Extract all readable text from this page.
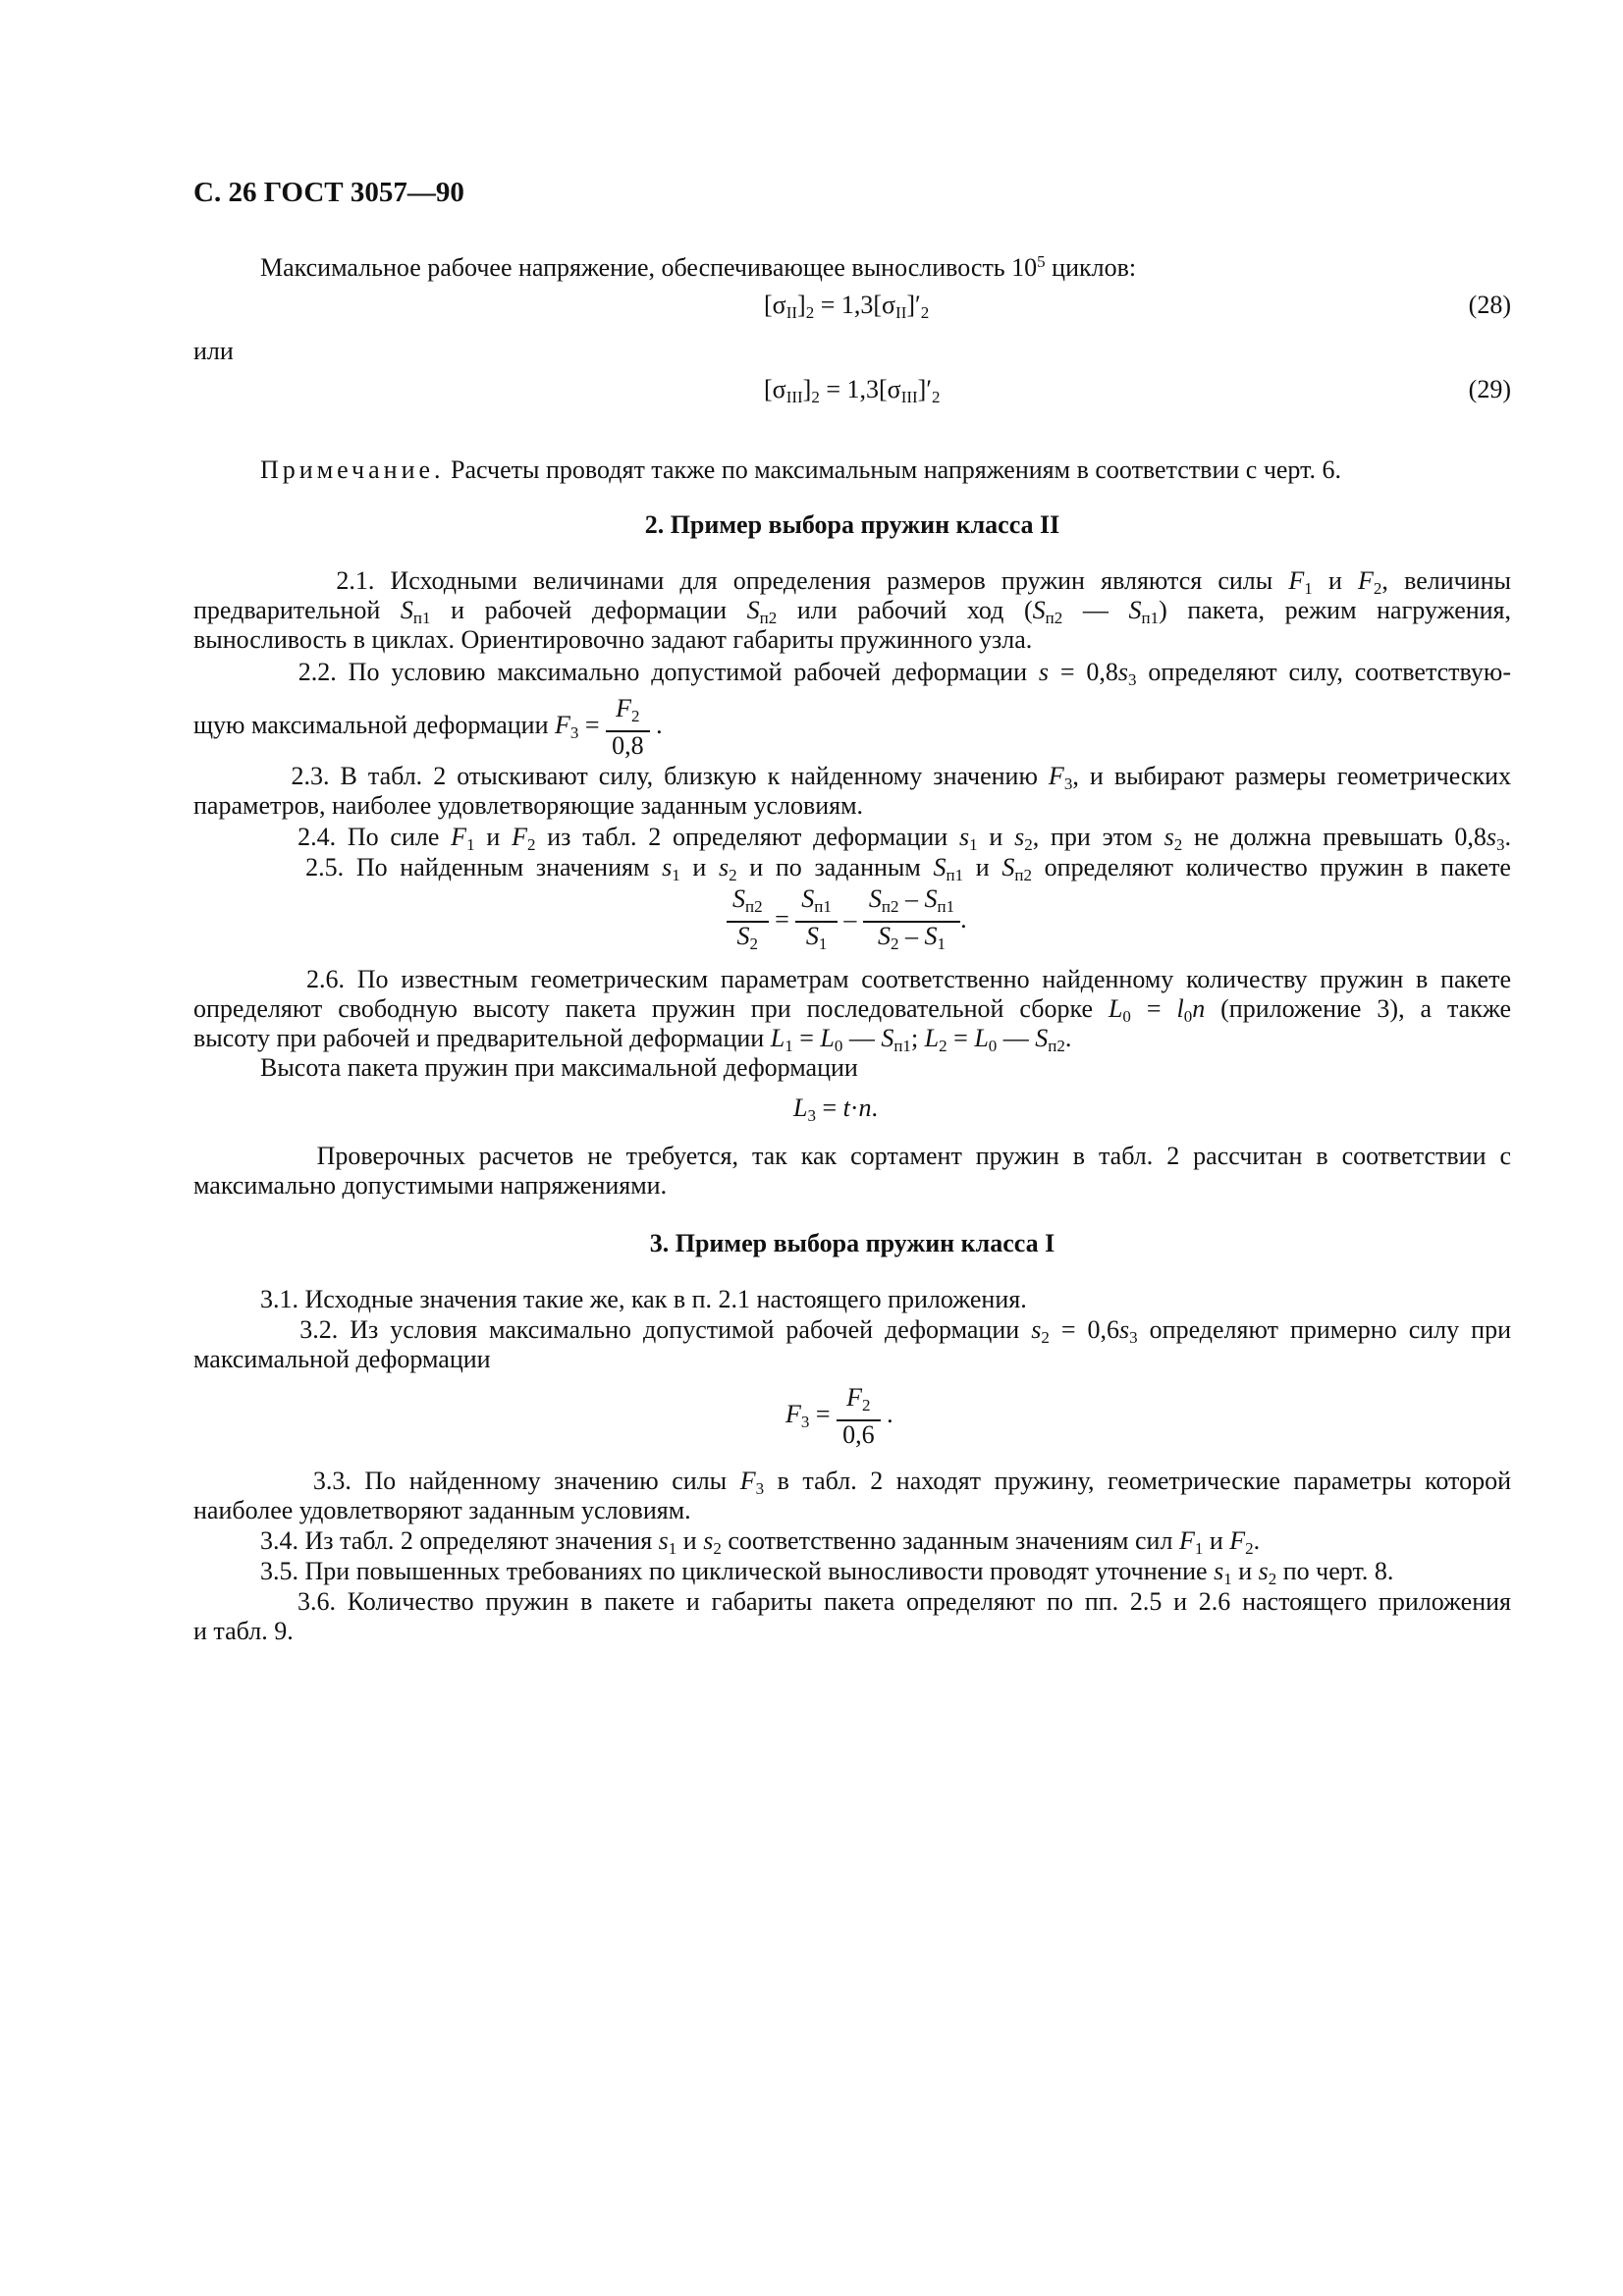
С. 26 ГОСТ 3057—90
Максимальное рабочее напряжение, обеспечивающее выносливость $10^5$ циклов:
$[\sigma_{II}]_2 = 1,3[\sigma_{II}]'_2$	(28)
или
$[\sigma_{III}]_2 = 1,3[\sigma_{III}]'_2$	(29)
Примечание. Расчеты проводят также по максимальным напряжениям в соответствии с черт. 6.
2. Пример выбора пружин класса II
2.1. Исходными величинами для определения размеров пружин являются силы $F_1$ и $F_2$, величины
предварительной $S_{п1}$ и рабочей деформации $S_{п2}$ или рабочий ход ($S_{п2}$ — $S_{п1}$) пакета, режим нагружения,
выносливость в циклах. Ориентировочно задают габариты пружинного узла.
2.2. По условию максимально допустимой рабочей деформации $s = 0,8s_3$ определяют силу, соответствую-
щую максимальной деформации $F_3 = \frac{F_2}{0,8}$ .
2.3. В табл. 2 отыскивают силу, близкую к найденному значению $F_3$, и выбирают размеры геометрических
параметров, наиболее удовлетворяющие заданным условиям.
2.4. По силе $F_1$ и $F_2$ из табл. 2 определяют деформации $s_1$ и $s_2$, при этом $s_2$ не должна превышать $0,8s_3$.
2.5. По найденным значениям $s_1$ и $s_2$ и по заданным $S_{п1}$ и $S_{п2}$ определяют количество пружин в пакете
$\frac{S_{п2}}{S_2} = \frac{S_{п1}}{S_1} - \frac{S_{п2} - S_{п1}}{S_2 - S_1}$ .
2.6. По известным геометрическим параметрам соответственно найденному количеству пружин в пакете
определяют свободную высоту пакета пружин при последовательной сборке $L_0 = l_0n$ (приложение 3), а также
высоту при рабочей и предварительной деформации $L_1 = L_0$ — $S_{п1}$; $L_2 = L_0$ — $S_{п2}$.
Высота пакета пружин при максимальной деформации
$L_3 = t\cdot n$.
Проверочных расчетов не требуется, так как сортамент пружин в табл. 2 рассчитан в соответствии с
максимально допустимыми напряжениями.
3. Пример выбора пружин класса I
3.1. Исходные значения такие же, как в п. 2.1 настоящего приложения.
3.2. Из условия максимально допустимой рабочей деформации $s_2 = 0,6s_3$ определяют примерно силу при
максимальной деформации
$F_3 = \frac{F_2}{0,6}$ .
3.3. По найденному значению силы $F_3$ в табл. 2 находят пружину, геометрические параметры которой
наиболее удовлетворяют заданным условиям.
3.4. Из табл. 2 определяют значения $s_1$ и $s_2$ соответственно заданным значениям сил $F_1$ и $F_2$.
3.5. При повышенных требованиях по циклической выносливости проводят уточнение $s_1$ и $s_2$ по черт. 8.
3.6. Количество пружин в пакете и габариты пакета определяют по пп. 2.5 и 2.6 настоящего приложения
и табл. 9.
